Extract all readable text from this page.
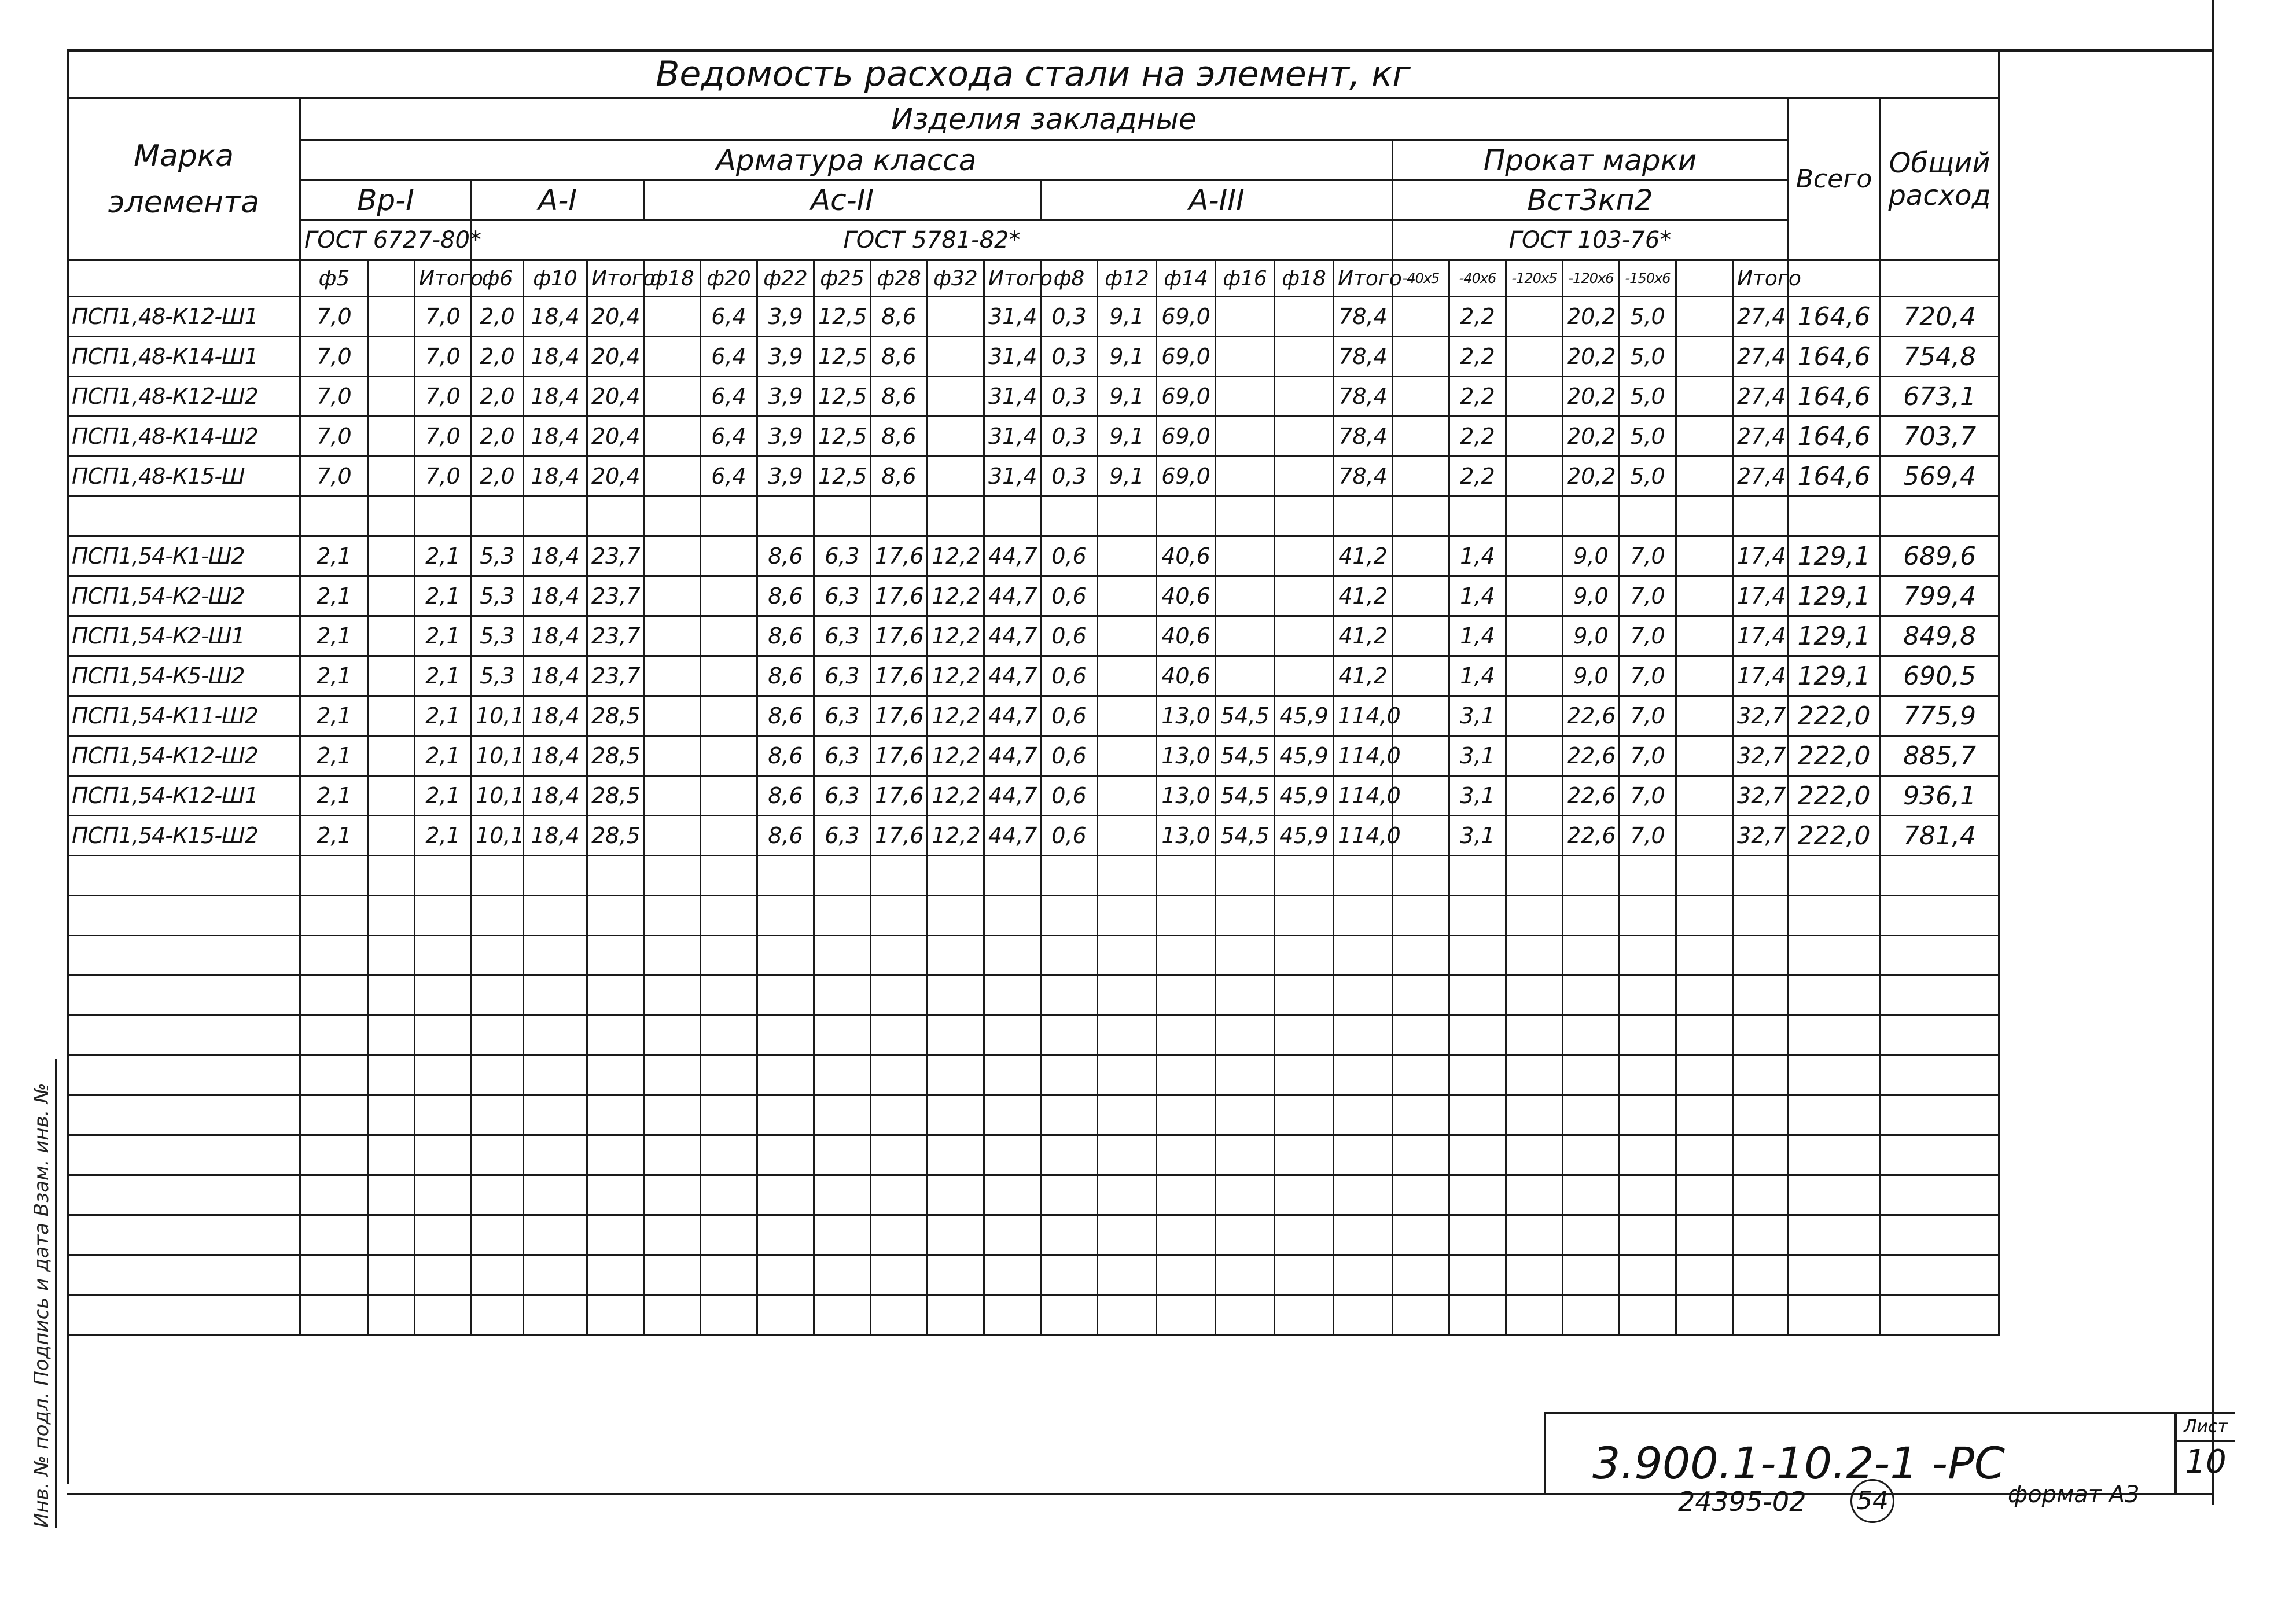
Инв. № подл. Подпись и дата Взам. инв. №
Ведомость расхода стали на элемент, кг																												
Марка элемента	Изделия закладные																										Всего	Общий расход
	Арматура класса																			Прокат марки								
	Вр-I			А-I			Ас-II							А-III						Вст3кп2								
	ГОСТ 6727-80*			ГОСТ 5781-82*																ГОСТ 103-76*								
	ф5		Итого	ф6	ф10	Итого	ф18	ф20	ф22	ф25	ф28	ф32	Итого	ф8	ф12	ф14	ф16	ф18	Итого	-40х5	-40х6	-120х5	-120х6	-150х6		Итого		
ПСП1,48-К12-Ш1	7,0		7,0	2,0	18,4	20,4		6,4	3,9	12,5	8,6		31,4	0,3	9,1	69,0			78,4		2,2		20,2	5,0		27,4	164,6	720,4
ПСП1,48-К14-Ш1	7,0		7,0	2,0	18,4	20,4		6,4	3,9	12,5	8,6		31,4	0,3	9,1	69,0			78,4		2,2		20,2	5,0		27,4	164,6	754,8
ПСП1,48-К12-Ш2	7,0		7,0	2,0	18,4	20,4		6,4	3,9	12,5	8,6		31,4	0,3	9,1	69,0			78,4		2,2		20,2	5,0		27,4	164,6	673,1
ПСП1,48-К14-Ш2	7,0		7,0	2,0	18,4	20,4		6,4	3,9	12,5	8,6		31,4	0,3	9,1	69,0			78,4		2,2		20,2	5,0		27,4	164,6	703,7
ПСП1,48-К15-Ш	7,0		7,0	2,0	18,4	20,4		6,4	3,9	12,5	8,6		31,4	0,3	9,1	69,0			78,4		2,2		20,2	5,0		27,4	164,6	569,4

ПСП1,54-К1-Ш2	2,1		2,1	5,3	18,4	23,7			8,6	6,3	17,6	12,2	44,7	0,6		40,6			41,2		1,4		9,0	7,0		17,4	129,1	689,6
ПСП1,54-К2-Ш2	2,1		2,1	5,3	18,4	23,7			8,6	6,3	17,6	12,2	44,7	0,6		40,6			41,2		1,4		9,0	7,0		17,4	129,1	799,4
ПСП1,54-К2-Ш1	2,1		2,1	5,3	18,4	23,7			8,6	6,3	17,6	12,2	44,7	0,6		40,6			41,2		1,4		9,0	7,0		17,4	129,1	849,8
ПСП1,54-К5-Ш2	2,1		2,1	5,3	18,4	23,7			8,6	6,3	17,6	12,2	44,7	0,6		40,6			41,2		1,4		9,0	7,0		17,4	129,1	690,5
ПСП1,54-К11-Ш2	2,1		2,1	10,1	18,4	28,5			8,6	6,3	17,6	12,2	44,7	0,6		13,0	54,5	45,9	114,0		3,1		22,6	7,0		32,7	222,0	775,9
ПСП1,54-К12-Ш2	2,1		2,1	10,1	18,4	28,5			8,6	6,3	17,6	12,2	44,7	0,6		13,0	54,5	45,9	114,0		3,1		22,6	7,0		32,7	222,0	885,7
ПСП1,54-К12-Ш1	2,1		2,1	10,1	18,4	28,5			8,6	6,3	17,6	12,2	44,7	0,6		13,0	54,5	45,9	114,0		3,1		22,6	7,0		32,7	222,0	936,1
ПСП1,54-К15-Ш2	2,1		2,1	10,1	18,4	28,5			8,6	6,3	17,6	12,2	44,7	0,6		13,0	54,5	45,9	114,0		3,1		22,6	7,0		32,7	222,0	781,4

3.900.1-10.2-1 -РС
Лист
10
24395-02 54	формат А3
